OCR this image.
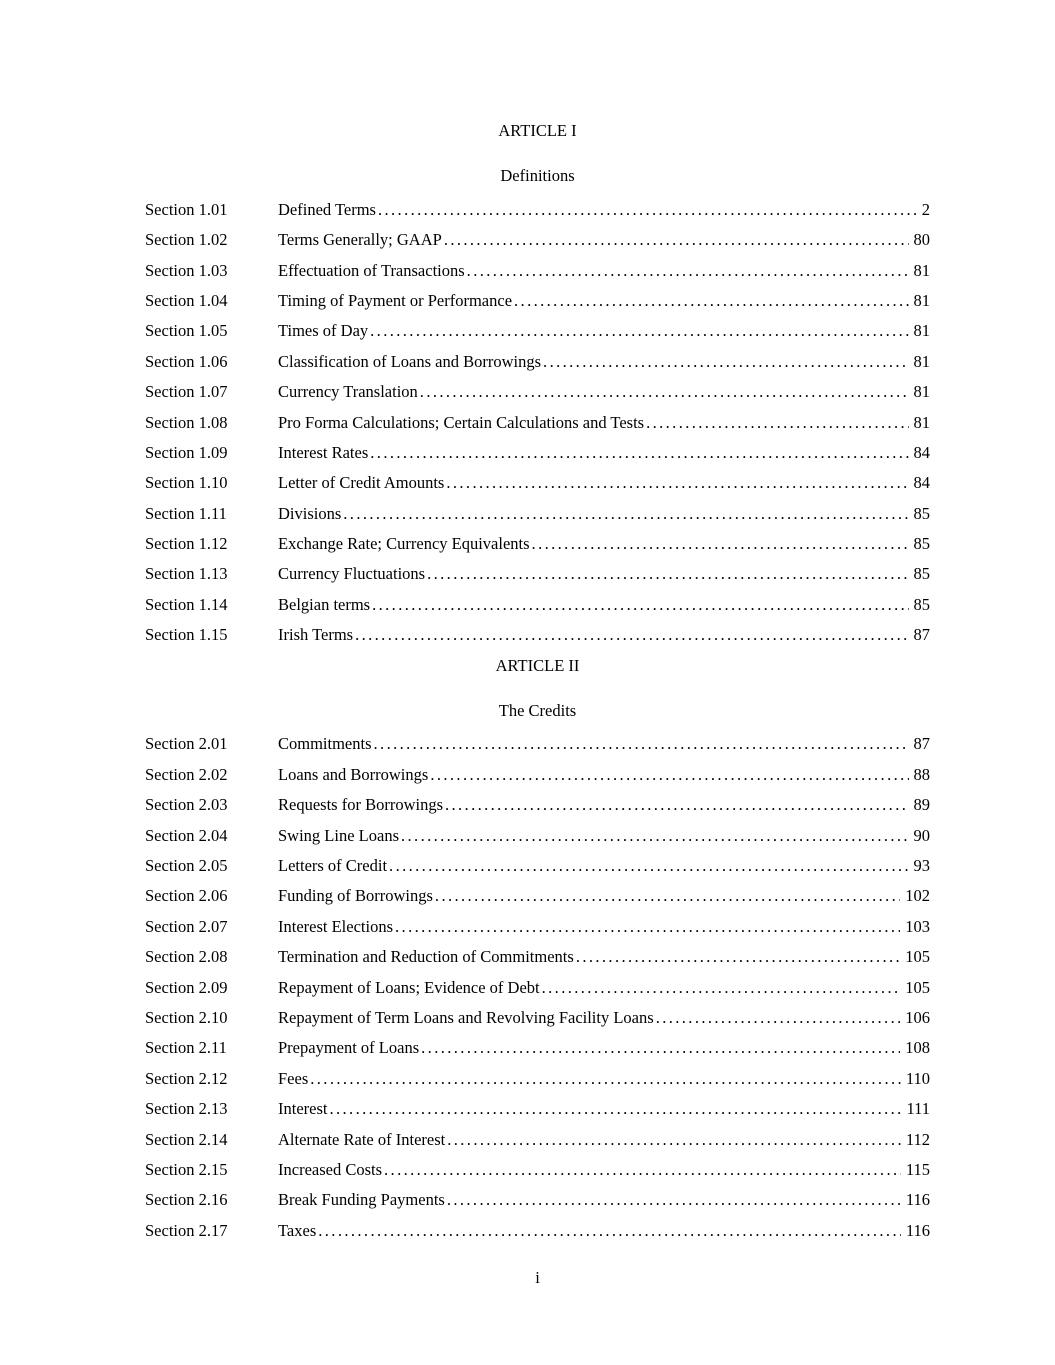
ARTICLE I
Definitions
Section 1.01	Defined Terms .....	2
Section 1.02	Terms Generally; GAAP .....	80
Section 1.03	Effectuation of Transactions .....	81
Section 1.04	Timing of Payment or Performance .....	81
Section 1.05	Times of Day .....	81
Section 1.06	Classification of Loans and Borrowings .....	81
Section 1.07	Currency Translation .....	81
Section 1.08	Pro Forma Calculations; Certain Calculations and Tests .....	81
Section 1.09	Interest Rates .....	84
Section 1.10	Letter of Credit Amounts .....	84
Section 1.11	Divisions .....	85
Section 1.12	Exchange Rate; Currency Equivalents .....	85
Section 1.13	Currency Fluctuations .....	85
Section 1.14	Belgian terms .....	85
Section 1.15	Irish Terms .....	87
ARTICLE II
The Credits
Section 2.01	Commitments .....	87
Section 2.02	Loans and Borrowings .....	88
Section 2.03	Requests for Borrowings .....	89
Section 2.04	Swing Line Loans .....	90
Section 2.05	Letters of Credit .....	93
Section 2.06	Funding of Borrowings .....	102
Section 2.07	Interest Elections .....	103
Section 2.08	Termination and Reduction of Commitments .....	105
Section 2.09	Repayment of Loans; Evidence of Debt .....	105
Section 2.10	Repayment of Term Loans and Revolving Facility Loans .....	106
Section 2.11	Prepayment of Loans .....	108
Section 2.12	Fees .....	110
Section 2.13	Interest .....	111
Section 2.14	Alternate Rate of Interest .....	112
Section 2.15	Increased Costs .....	115
Section 2.16	Break Funding Payments .....	116
Section 2.17	Taxes .....	116
i
